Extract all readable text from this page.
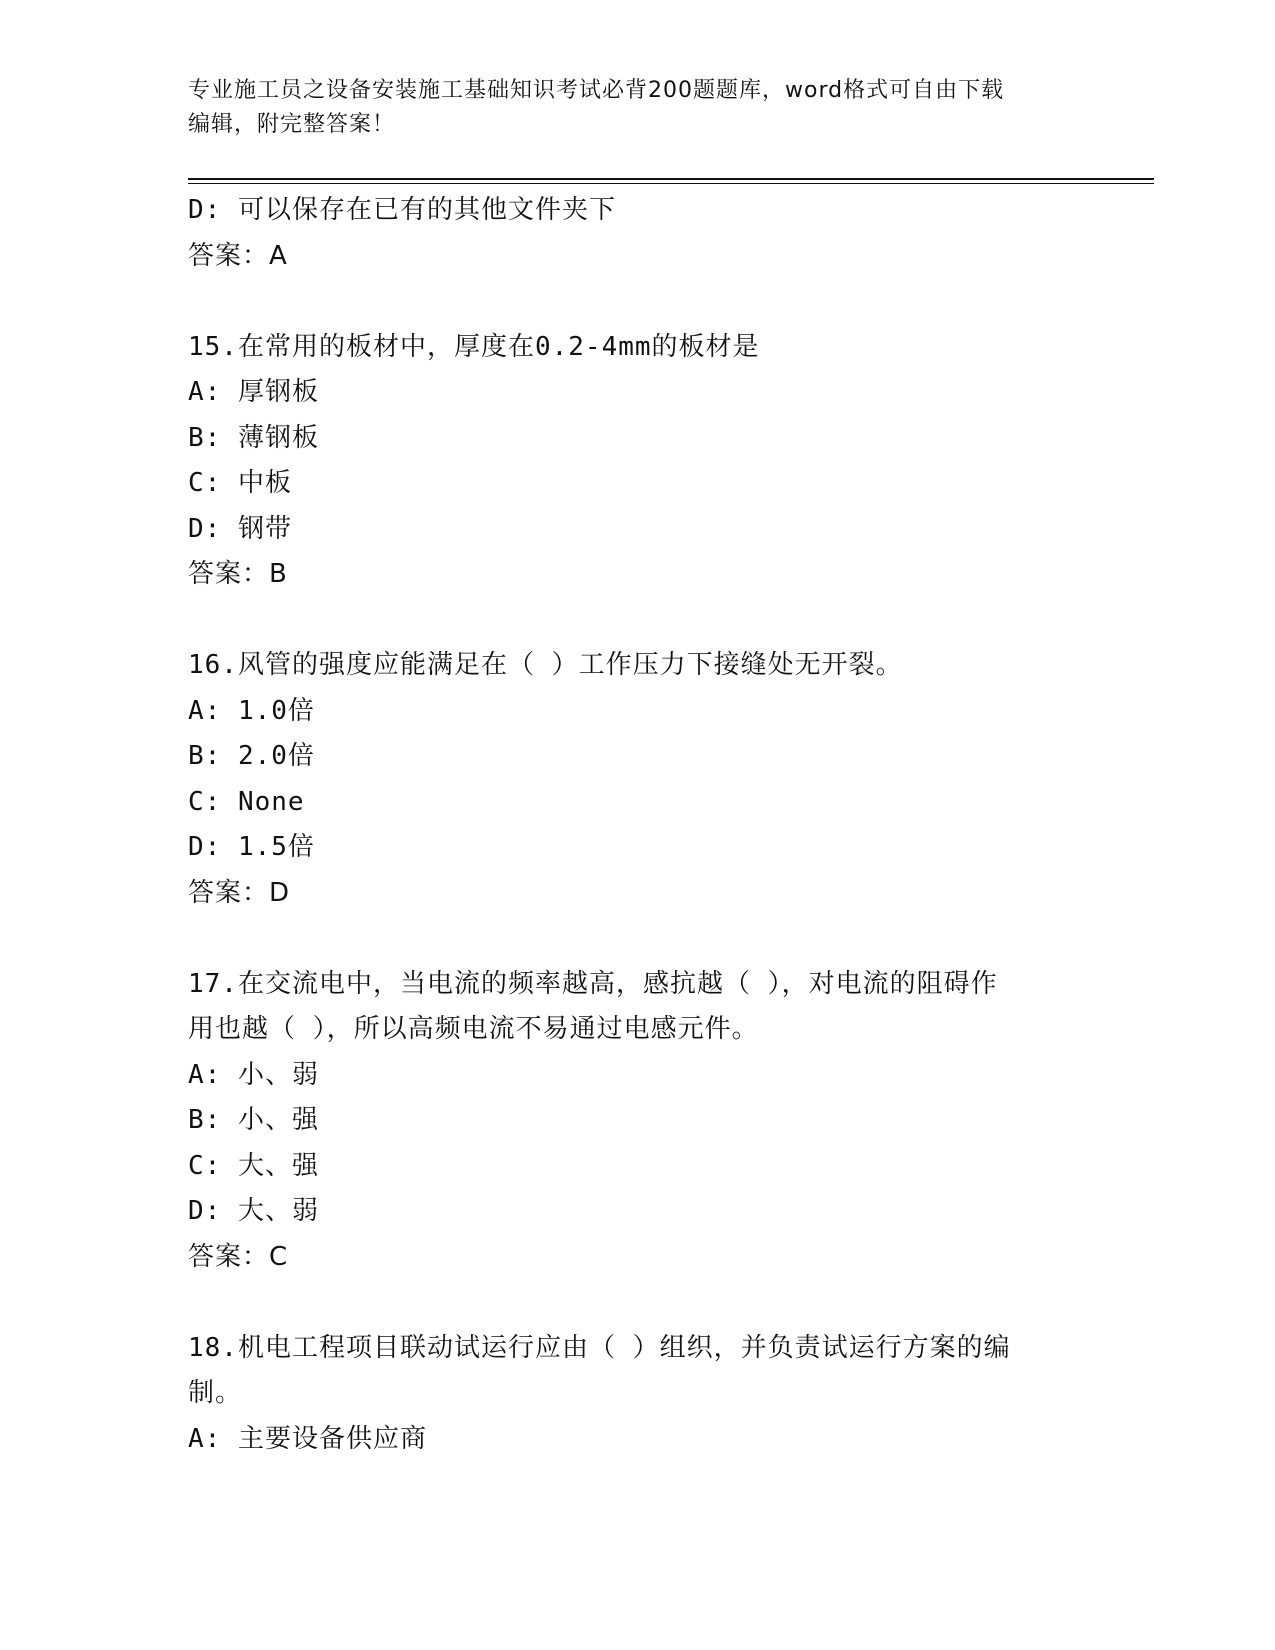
专业施工员之设备安装施工基础知识考试必背200题题库，word格式可自由下载
编辑，附完整答案！
D: 可以保存在已有的其他文件夹下
答案：A
15.在常用的板材中，厚度在0.2-4mm的板材是
A: 厚钢板
B: 薄钢板
C: 中板
D: 钢带
答案：B
16.风管的强度应能满足在（ ）工作压力下接缝处无开裂。
A: 1.0倍
B: 2.0倍
C: None
D: 1.5倍
答案：D
17.在交流电中，当电流的频率越高，感抗越（ ），对电流的阻碍作
用也越（ ），所以高频电流不易通过电感元件。
A: 小、弱
B: 小、强
C: 大、强
D: 大、弱
答案：C
18.机电工程项目联动试运行应由（ ）组织，并负责试运行方案的编
制。
A: 主要设备供应商
